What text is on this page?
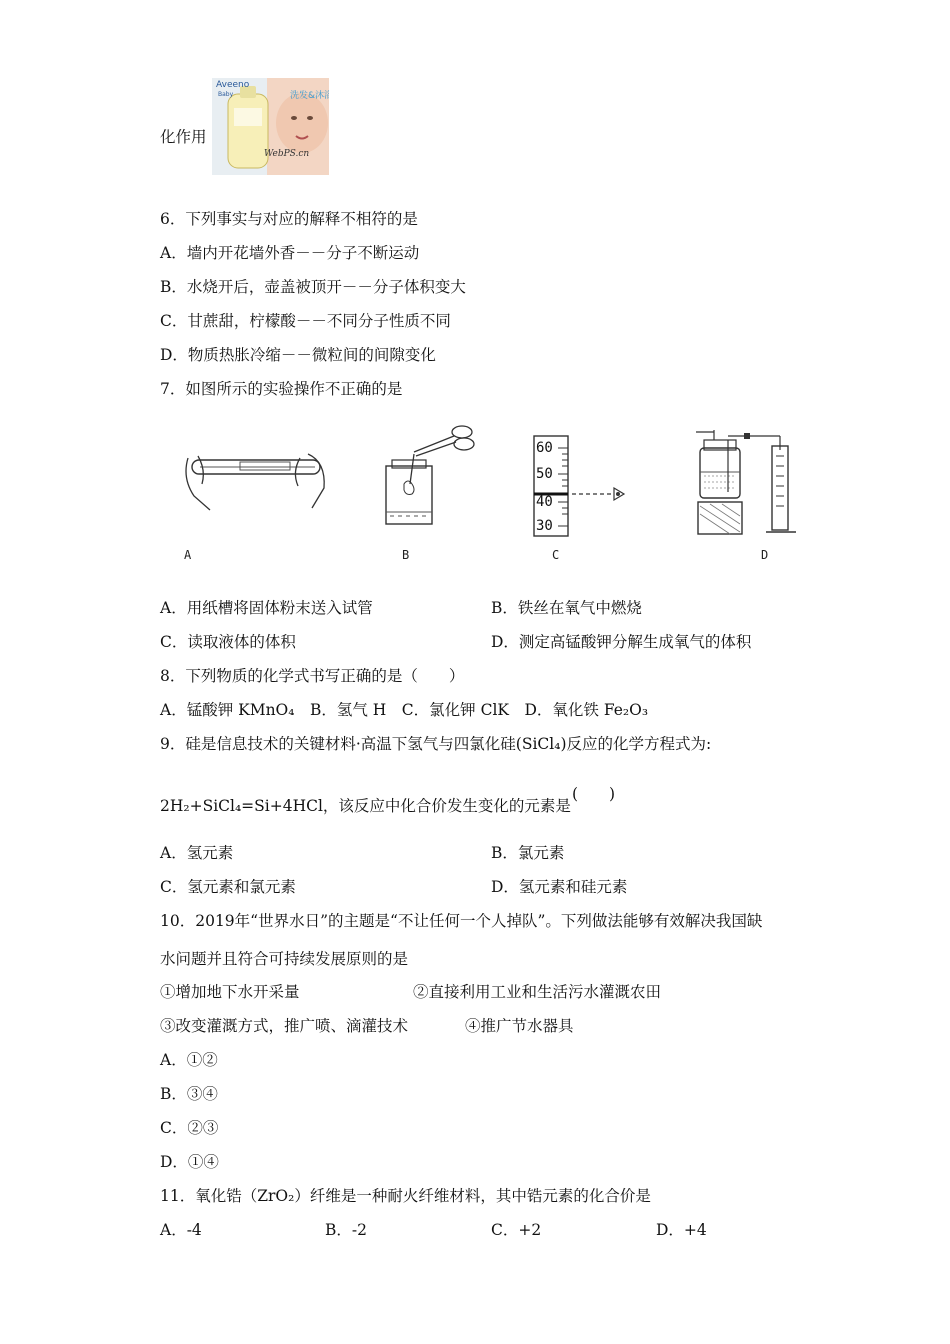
化作用
Aveeno
Baby	洗发&沐浴
WebPS.cn
6．下列事实与对应的解释不相符的是
A．墙内开花墙外香－－分子不断运动
B．水烧开后，壶盖被顶开－－分子体积变大
C．甘蔗甜，柠檬酸－－不同分子性质不同
D．物质热胀冷缩－－微粒间的间隙变化
7．如图所示的实验操作不正确的是
A	B
60
50
40
30
C	D
A．用纸槽将固体粉末送入试管	B．铁丝在氧气中燃烧
C．读取液体的体积	D．测定高锰酸钾分解生成氧气的体积
8．下列物质的化学式书写正确的是（　　）
A．锰酸钾 KMnO₄　B．氢气 H　C．氯化钾 ClK　D．氧化铁 Fe₂O₃
9．硅是信息技术的关键材料·高温下氢气与四氯化硅(SiCl₄)反应的化学方程式为:
2H₂+SiCl₄=Si+4HCl，该反应中化合价发生变化的元素是
(　　)
A．氢元素	B．氯元素
C．氢元素和氯元素	D．氢元素和硅元素
10．2019年“世界水日”的主题是“不让任何一个人掉队”。下列做法能够有效解决我国缺
水问题并且符合可持续发展原则的是
①增加地下水开采量	②直接利用工业和生活污水灌溉农田
③改变灌溉方式，推广喷、滴灌技术	④推广节水器具
A．①②
B．③④
C．②③
D．①④
11．氧化锆（ZrO₂）纤维是一种耐火纤维材料，其中锆元素的化合价是
A．-4	B．-2	C．+2	D．+4
